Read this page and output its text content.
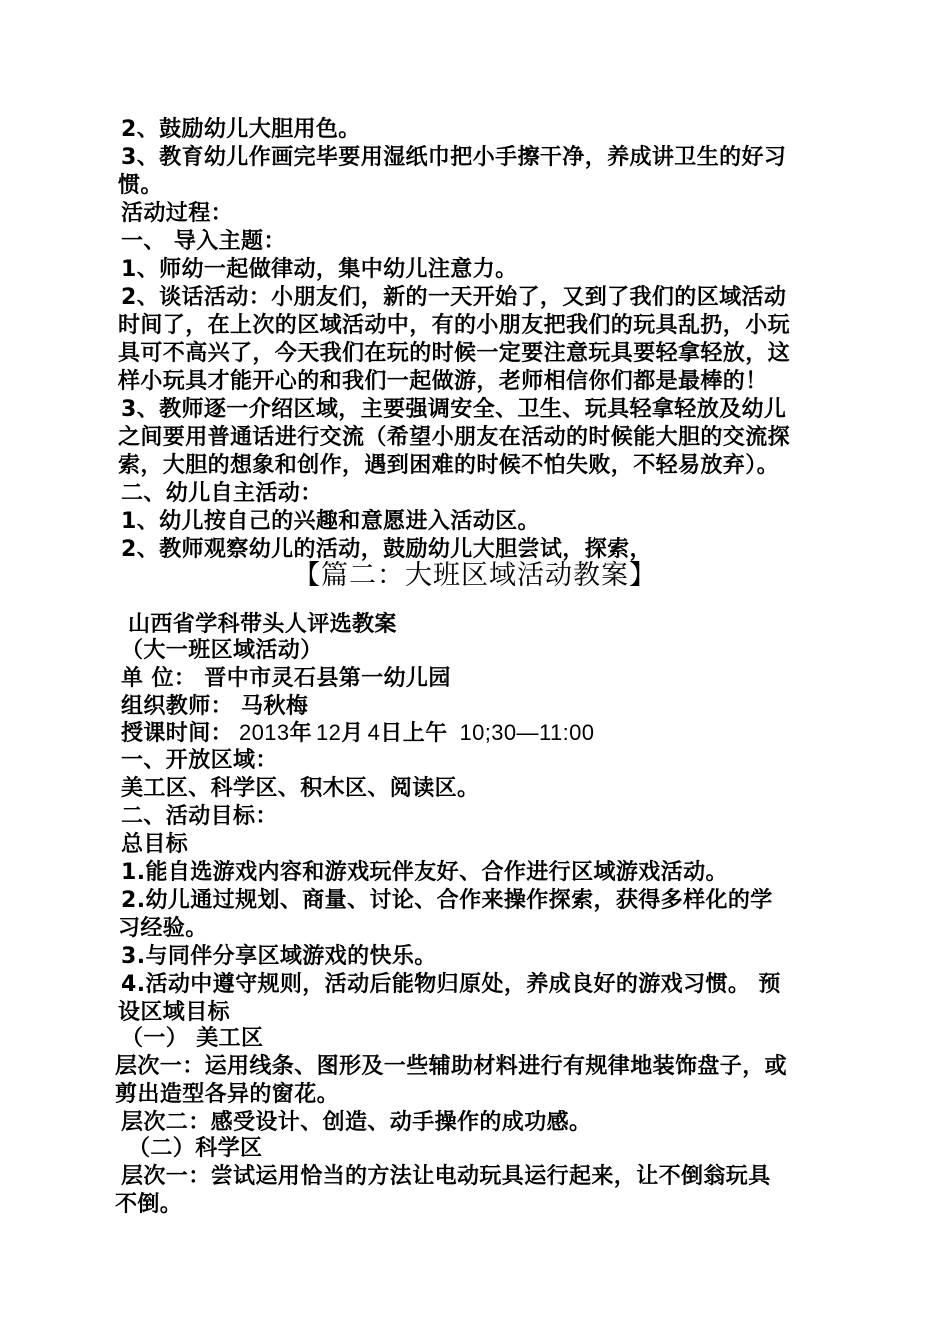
2、鼓励幼儿大胆用色。
3、教育幼儿作画完毕要用湿纸巾把小手擦干净，养成讲卫生的好习
惯。
活动过程：
一、 导入主题：
1、师幼一起做律动，集中幼儿注意力。
2、谈话活动：小朋友们，新的一天开始了，又到了我们的区域活动
时间了，在上次的区域活动中，有的小朋友把我们的玩具乱扔，小玩
具可不高兴了，今天我们在玩的时候一定要注意玩具要轻拿轻放，这
样小玩具才能开心的和我们一起做游，老师相信你们都是最棒的！
3、教师逐一介绍区域，主要强调安全、卫生、玩具轻拿轻放及幼儿
之间要用普通话进行交流（希望小朋友在活动的时候能大胆的交流探
索，大胆的想象和创作，遇到困难的时候不怕失败，不轻易放弃）。
二、幼儿自主活动：
1、幼儿按自己的兴趣和意愿进入活动区。
2、教师观察幼儿的活动，鼓励幼儿大胆尝试，探索，
【篇二：大班区域活动教案】
山西省学科带头人评选教案
（大一班区域活动）
单 位： 晋中市灵石县第一幼儿园
组织教师： 马秋梅
授课时间： 2013年 12月 4日上午 10;30—11:00
一、开放区域：
美工区、科学区、积木区、阅读区。
二、活动目标：
总目标
1.能自选游戏内容和游戏玩伴友好、合作进行区域游戏活动。
2.幼儿通过规划、商量、讨论、合作来操作探索，获得多样化的学
习经验。
3.与同伴分享区域游戏的快乐。
4.活动中遵守规则，活动后能物归原处，养成良好的游戏习惯。 预
设区域目标
（一） 美工区
层次一：运用线条、图形及一些辅助材料进行有规律地装饰盘子，或
剪出造型各异的窗花。
层次二：感受设计、创造、动手操作的成功感。
（二）科学区
层次一：尝试运用恰当的方法让电动玩具运行起来，让不倒翁玩具
不倒。
